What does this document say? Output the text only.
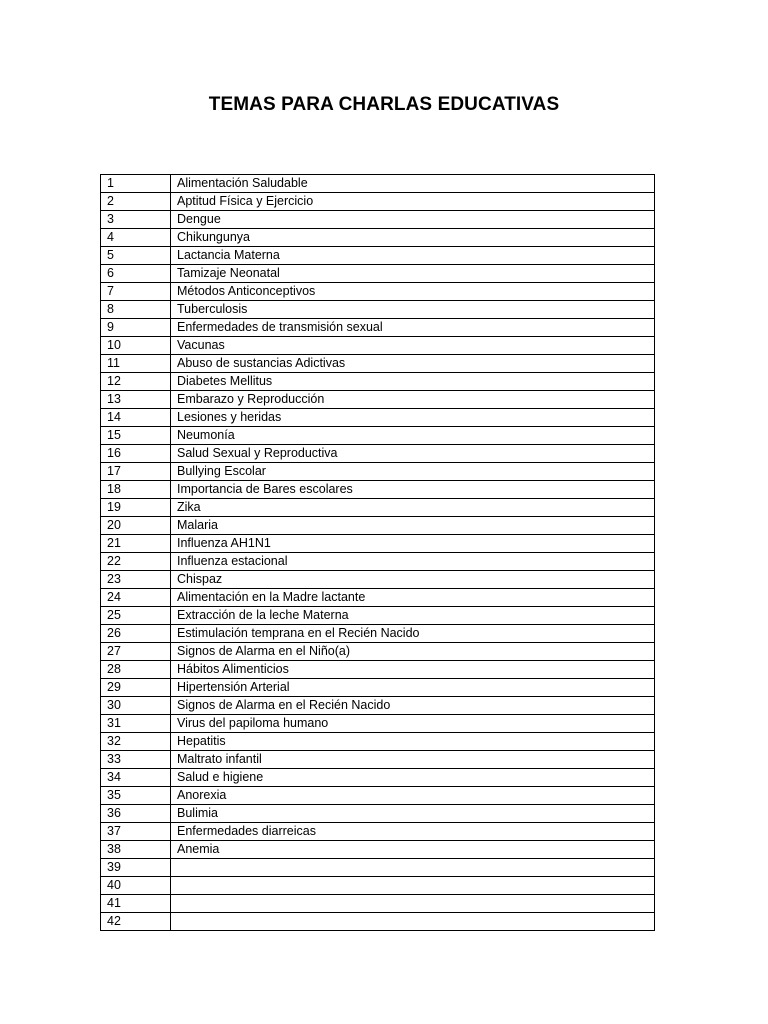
TEMAS PARA CHARLAS EDUCATIVAS
1	Alimentación Saludable
2	Aptitud Física y Ejercicio
3	Dengue
4	Chikungunya
5	Lactancia Materna
6	Tamizaje Neonatal
7	Métodos Anticonceptivos
8	Tuberculosis
9	Enfermedades de transmisión sexual
10	Vacunas
11	Abuso de sustancias Adictivas
12	Diabetes Mellitus
13	Embarazo y Reproducción
14	Lesiones y heridas
15	Neumonía
16	Salud Sexual y Reproductiva
17	Bullying Escolar
18	Importancia de Bares escolares
19	Zika
20	Malaria
21	Influenza AH1N1
22	Influenza estacional
23	Chispaz
24	Alimentación en la Madre lactante
25	Extracción de la leche Materna
26	Estimulación temprana en el Recién Nacido
27	Signos de Alarma en el Niño(a)
28	Hábitos Alimenticios
29	Hipertensión Arterial
30	Signos de Alarma en el Recién Nacido
31	Virus del papiloma humano
32	Hepatitis
33	Maltrato infantil
34	Salud e higiene
35	Anorexia
36	Bulimia
37	Enfermedades diarreicas
38	Anemia
39	
40	
41	
42	
